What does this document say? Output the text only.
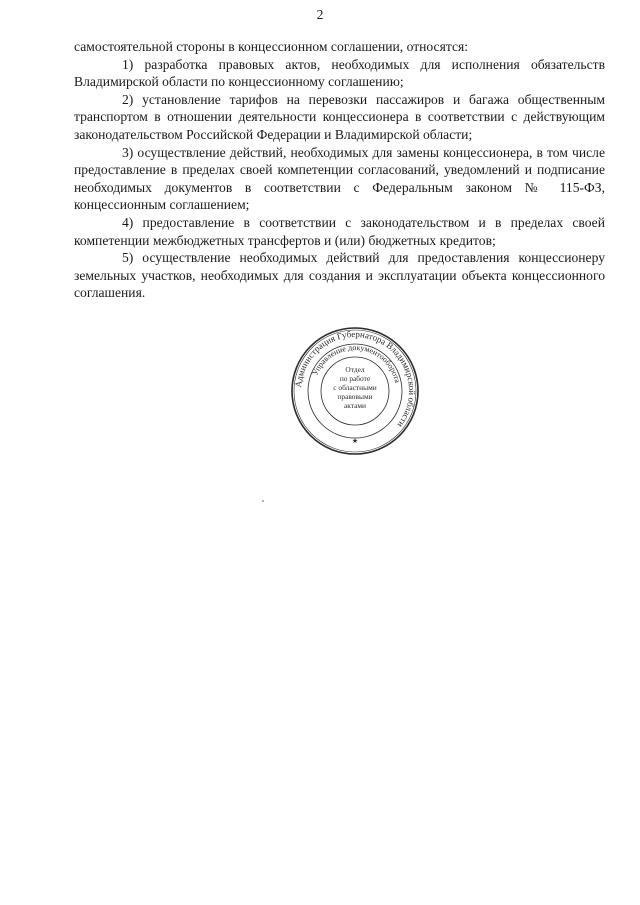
2

самостоятельной стороны в концессионном соглашении, относятся:

1) разработка правовых актов, необходимых для исполнения обязательств Владимирской области по концессионному соглашению;

2) установление тарифов на перевозки пассажиров и багажа общественным транспортом в отношении деятельности концессионера в соответствии с действующим законодательством Российской Федерации и Владимирской области;

3) осуществление действий, необходимых для замены концессионера, в том числе предоставление в пределах своей компетенции согласований, уведомлений и подписание необходимых документов в соответствии с Федеральным законом № 115-ФЗ, концессионным соглашением;

4) предоставление в соответствии с законодательством и в пределах своей компетенции межбюджетных трансфертов и (или) бюджетных кредитов;

5) осуществление необходимых действий для предоставления концессионеру земельных участков, необходимых для создания и эксплуатации объекта концессионного соглашения.

Администрация Губернатора Владимирской области
Управление документооборота
Отдел
по работе
с областными
правовыми
актами
★
